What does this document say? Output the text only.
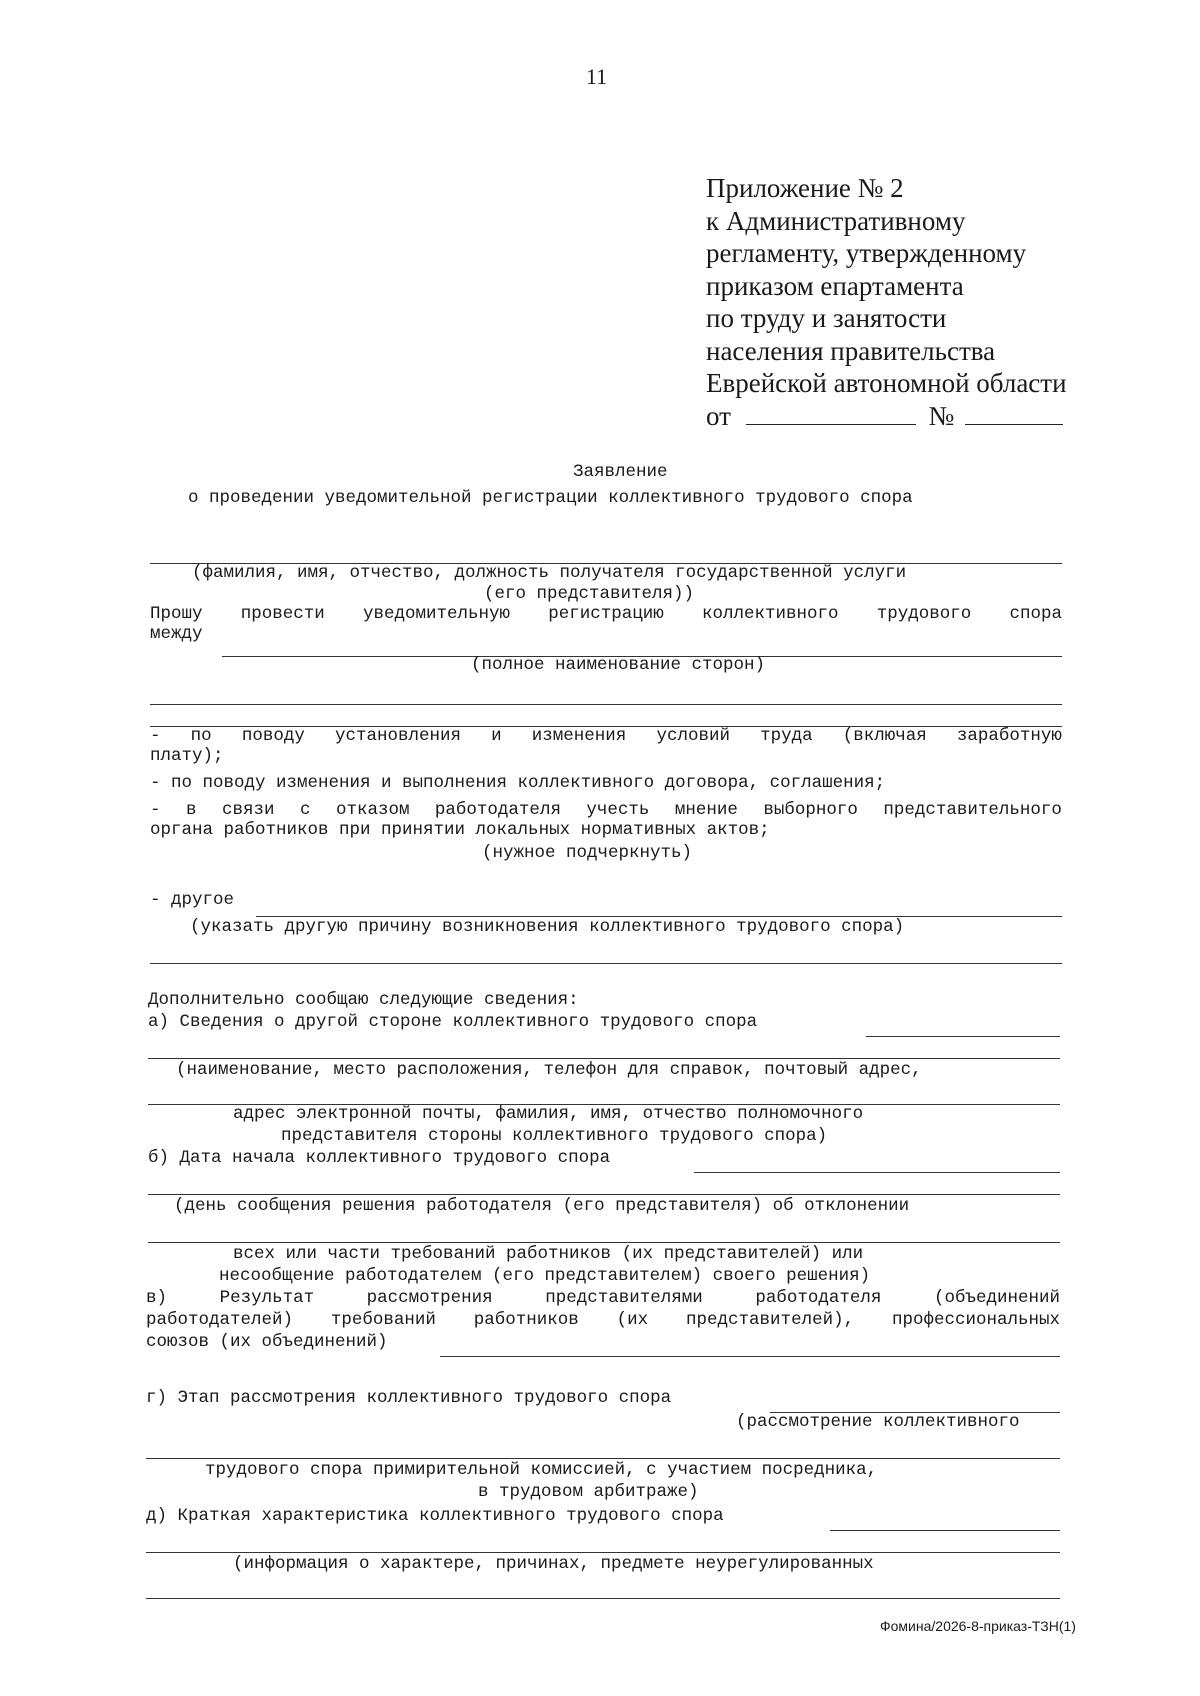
11
Приложение № 2
к Административному
регламенту, утвержденному
приказом епартамента
по труду и занятости
населения правительства
Еврейской автономной области
от	№
Заявление
о проведении уведомительной регистрации коллективного трудового спора
(фамилия, имя, отчество, должность получателя государственной услуги
(его представителя))
Прошу провести уведомительную регистрацию коллективного трудового спора
между
(полное наименование сторон)
- по поводу установления и изменения условий труда (включая заработную
плату);
- по поводу изменения и выполнения коллективного договора, соглашения;
- в связи с отказом работодателя учесть мнение выборного представительного
органа работников при принятии локальных нормативных актов;
(нужное подчеркнуть)
- другое
(указать другую причину возникновения коллективного трудового спора)
Дополнительно сообщаю следующие сведения:
а) Сведения о другой стороне коллективного трудового спора
(наименование, место расположения, телефон для справок, почтовый адрес,
адрес электронной почты, фамилия, имя, отчество полномочного
представителя стороны коллективного трудового спора)
б) Дата начала коллективного трудового спора
(день сообщения решения работодателя (его представителя) об отклонении
всех или части требований работников (их представителей) или
несообщение работодателем (его представителем) своего решения)
в)	Результат	рассмотрения	представителями	работодателя	(объединений
работодателей) требований работников (их представителей), профессиональных
союзов (их объединений)
г) Этап рассмотрения коллективного трудового спора
(рассмотрение коллективного
трудового спора примирительной комиссией, с участием посредника,
в трудовом арбитраже)
д) Краткая характеристика коллективного трудового спора
(информация о характере, причинах, предмете неурегулированных
Фомина/2026-8-приказ-ТЗН(1)
